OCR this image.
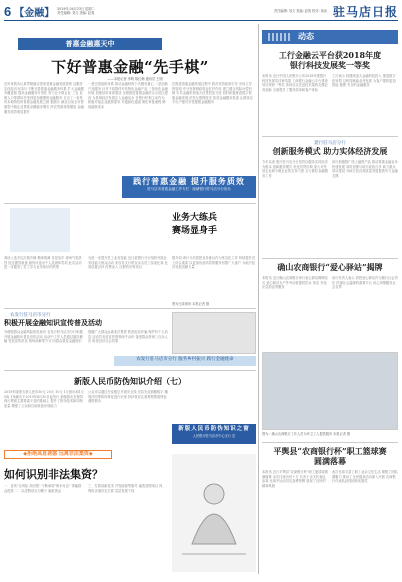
6 【金融】 2019年 04月23日 星期二
责任编辑: 刘文 美编: 赵爽	责任编辑: 刘文 美编: 赵爽 校对: 周冰 驻马店日报
普惠金融惠天中
下好普惠金融“先手棋”
——本报记者 李明 陈红梅 通讯员 王刚
近年来我市认真贯彻落实国家普惠金融发展规划 以服务实体经济为导向 不断完善普惠金融服务体系 扩大金融服务覆盖面 提高金融服务可得性 努力让小微企业 三农 贫困人口等群体享受到更加便捷的金融服务 走出了一条具有本地特色的普惠金融发展之路 据统计 截至目前全市普惠型小微企业贷款余额稳步增长 涉农贷款持续增加 金融服务质效明显提升
一是完善组织体系 推动金融机构下沉服务重心 二是创新产品服务 针对不同群体开发特色金融产品 三是优化金融环境 加强信用体系建设 全面推进普惠金融综合示范区建设 为县域经济发展注入金融活水 各银行机构主动作为 积极对接企业融资需求 开通绿色通道 简化审批流程 降低融资成本
在推进普惠金融发展过程中 我市坚持政府引导 市场主导的原则 充分发挥财政资金杠杆作用 建立健全风险补偿机制 引导金融机构加大信贷投放力度 同时积极推进数字普惠金融发展 依托互联网技术 拓宽金融服务渠道 让群体足不出户便可享受便捷金融服务
践行普惠金融 提升服务质效
驻马店市普惠金融工作专栏 · 邮储银行驻马店分行协办
业务大练兵
赛场显身手
为进一步提升员工业务技能 近日某银行分行组织开展业务技能大练兵活动 来自各支行的百余名员工参加比赛 比赛设置点钞 传票录入 反假货币等项目
赛场上选手们沉着冷静 精神饱满 各显身手 现场气氛热烈 经过激烈角逐 最终评选出个人及团体奖项 此次活动进一步激发了员工学习业务知识的热情
据介绍 该行今后将把业务练兵作为常态化工作 持续提升员工综合素质 以更加优质高效的服务回馈广大客户 为地方经济发展贡献力量
图为比赛现场 本报记者 摄
农发行驻马店市分行
积极开展金融知识宣传普及活动
为增强群众金融风险防范意识 农发行驻马店市分行积极开展金融知识普及宣传活动 活动中工作人员通过悬挂横幅 发放宣传折页 现场讲解等方式 向群众普及金融知识
提醒广大群众远离非法集资 防范电信诈骗 保护好个人信息 活动共发放宣传资料两千余份 接受群众咨询三百余人次 取得良好社会效果
农发行驻马店市分行 服务乡村振兴 践行金融使命
新版人民币防伪知识介绍（七）
2019年版第五套人民币50元 20元 10元 1元纸币和1元 5角 1角硬币于2019年8月30日起发行 新版纸币在保持现行票面主要要素不变的基础上 提升了防伪技术和印制质量 增强了公众和自助设备识别能力
公众可以通过光变镂空开窗安全线 光彩光变面额数字 雕刻凹印等防伪特征进行识别 持钞者应注意观察票面特征 谨防假币
新版人民币防伪知识之窗
人民银行驻马店市中心支行 宣
◆拒绝高息诱惑 远离非法集资◆
如何识别非法集资？
一、宣传"无风险 高回报" 不断承诺"保本付息" 诱骗群众投资 二、以虚假项目为幌子 骗取资金
三、打着高新技术 开发能源等旗号 编造虚假项目 四、利用亲朋好友关系 层层发展下线
动态
工行金融云平台获2018年度
银行科技发展奖一等奖
本报讯 近日中国人民银行公布2018年度银行科技发展奖评审结果 工商银行金融云平台建设项目荣获一等奖 该项目以先进技术架构支撑业务创新 全面提升了服务效率和客户体验
工行表示 将继续加大金融科技投入 推进数字化转型 以科技赋能业务发展 为客户提供更加智能 便捷 安全的金融服务
建行驻马店分行
创新服务模式 助力实体经济发展
今年以来 建行驻马店分行坚持以服务实体经济为根本 创新服务模式 优化信贷结构 加大对民营企业和小微企业的支持力度 全力做好金融服务工作
该行积极推广线上融资产品 推动普惠金融业务快速发展 同时加强与地方政府合作 助力重点项目建设 为地方经济高质量发展提供有力金融支撑
确山农商银行“爱心驿站”揭牌
本报讯 近日确山农商银行举行爱心驿站揭牌仪式 爱心驿站为户外劳动者提供饮水 休息 充电 应急药品等服务
该行负责人表示 将把爱心驿站作为履行社会责任 传递社会温暖的重要平台 用心用情服务社会各界
图为：确山农商银行工作人员为环卫工人提供服务 本报记者 摄
平舆县“农商银行杯”职工篮球赛
圆满落幕
本报讯 近日平舆县“农商银行杯”职工篮球赛圆满落幕 本次比赛历时十天 共有十余支代表队参赛 比赛中运动员们奋勇拼搏 展现了良好的精神风貌
此次比赛丰富了职工业余文化生活 增强了团队凝聚力 推动了全民健身活动深入开展 农商银行代表队获得团体优胜奖
